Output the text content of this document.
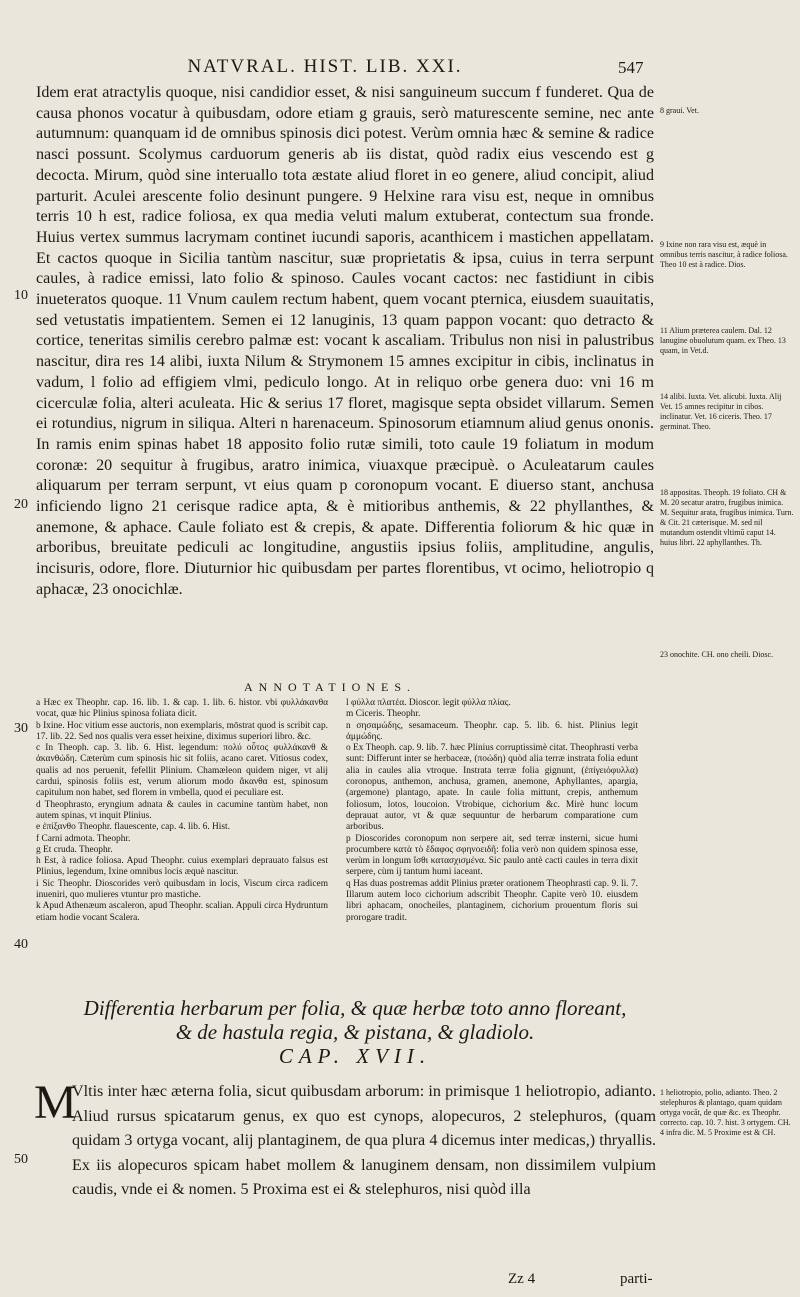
NATVRAL. HIST. LIB. XXI.	547

Idem erat atractylis quoque, nisi candidior esset, & nisi sanguineum succum f funderet. Qua de causa phonos vocatur à quibusdam, odore etiam g grauis, serò maturescente semine, nec ante autumnum: quanquam id de omnibus spinosis dici potest. Verùm omnia hæc & semine & radice nasci possunt. Scolymus carduorum generis ab iis distat, quòd radix eius vescendo est g decocta. Mirum, quòd sine interuallo tota æstate aliud floret in eo genere, aliud concipit, aliud parturit. Aculei arescente folio desinunt pungere. 9 Helxine rara visu est, neque in omnibus terris 10 h est, radice foliosa, ex qua media veluti malum extuberat, contectum sua fronde. Huius vertex summus lacrymam continet iucundi saporis, acanthicem i mastichen appellatam. Et cactos quoque in Sicilia tantùm nascitur, suæ proprietatis & ipsa, cuius in terra serpunt caules, à radice emissi, lato folio & spinoso. Caules vocant cactos: nec fastidiunt in cibis inueteratos quoque. 11 Vnum caulem rectum habent, quem vocant pternica, eiusdem suauitatis, sed vetustatis impatientem. Semen ei 12 lanuginis, 13 quam pappon vocant: quo detracto & cortice, teneritas similis cerebro palmæ est: vocant k ascaliam. Tribulus non nisi in palustribus nascitur, dira res 14 alibi, iuxta Nilum & Strymonem 15 amnes excipitur in cibis, inclinatus in vadum, l folio ad effigiem vlmi, pediculo longo. At in reliquo orbe genera duo: vni 16 m cicerculæ folia, alteri aculeata. Hic & serius 17 floret, magisque septa obsidet villarum. Semen ei rotundius, nigrum in siliqua. Alteri n harenaceum. Spinosorum etiamnum aliud genus ononis. In ramis enim spinas habet 18 apposito folio rutæ simili, toto caule 19 foliatum in modum coronæ: 20 sequitur à frugibus, aratro inimica, viuaxque præcipuè. o Aculeatarum caules aliquarum per terram serpunt, vt eius quam p coronopum vocant. E diuerso stant, anchusa inficiendo ligno 21 cerisque radice apta, & è mitioribus anthemis, & 22 phyllanthes, & anemone, & aphace. Caule foliato est & crepis, & apate. Differentia foliorum & hic quæ in arboribus, breuitate pediculi ac longitudine, angustiis ipsius foliis, amplitudine, angulis, incisuris, odore, flore. Diuturnior hic quibusdam per partes florentibus, vt ocimo, heliotropio q aphacæ, 23 onocichlæ.

8 graui. Vet.
9 Ixine non rara visu est, æquè in omnibus terris nascitur, à radice foliosa. Theo 10 est à radice. Dios.
11 Alium præterea caulem. Dal. 12 lanugine obuolutum quam. ex Theo. 13 quam, in Vet.d.
14 alibi. Iuxta. Vet. alicubi. Iuxta. Alij Vet. 15 amnes recipitur in cibos. inclinatur. Vet. 16 ciceris. Theo. 17 germinat. Theo.
18 appositas. Theoph. 19 foliato. CH & M. 20 secatur aratro, frugibus inimica. M. Sequitur arata, frugibus inimica. Turn. & Cit. 21 cæterisque. M. sed nil mutandum ostendit vltimū caput 14. huius libri. 22 aphyllanthes. Th.
23 onochite. CH. ono cheili. Diosc.
10
20
30
40
50
ANNOTATIONES.

a Hæc ex Theophr. cap. 16. lib. 1. & cap. 1. lib. 6. histor. vbi φυλλάκανθα vocat, quæ hic Plinius spinosa foliata dicit.

b Ixine. Hoc vitium esse auctoris, non exemplaris, mōstrat quod is scribit cap. 17. lib. 22. Sed nos qualis vera esset heixine, diximus superiori libro. &c.

c In Theoph. cap. 3. lib. 6. Hist. legendum: πολύ οὗτος φυλλάκανθ & ἀκανθώδη. Cæterùm cum spinosis hic sit foliis, acano caret. Vitiosus codex, qualis ad nos peruenit, fefellit Plinium. Chamæleon quidem niger, vt alij cardui, spinosis foliis est, verum aliorum modo ἄκανθα est, spinosum capitulum non habet, sed florem in vmbella, quod ei peculiare est.

d Theophrasto, eryngium adnata & caules in cacumine tantùm habet, non autem spinas, vt inquit Plinius.

e ἐπίξανθο Theophr. flauescente, cap. 4. lib. 6. Hist.

f Carni admota. Theophr.

g Et cruda. Theophr.

h Est, à radice foliosa. Apud Theophr. cuius exemplari deprauato falsus est Plinius, legendum, Ixine omnibus locis æquè nascitur.

i Sic Theophr. Dioscorides verò quibusdam in locis, Viscum circa radicem inueniri, quo mulieres vtuntur pro mastiche.

k Apud Athenæum ascaleron, apud Theophr. scalian. Appuli circa Hydruntum etiam hodie vocant Scalera.

l φύλλα πλατέα. Dioscor. legit φύλλα πλίας.

m Ciceris. Theophr.

n σησαμώδης, sesamaceum. Theophr. cap. 5. lib. 6. hist. Plinius legit ἀμμώδης.

o Ex Theoph. cap. 9. lib. 7. hæc Plinius corruptissimè citat. Theophrasti verba sunt: Differunt inter se herbaceæ, (ποώδη) quòd alia terræ instrata folia edunt alia in caules alia vtroque. Instrata terræ folia gignunt, (ἐπίγειόφυλλα) coronopus, anthemon, anchusa, gramen, anemone, Aphyllantes, apargia, (argemone) plantago, apate. In caule folia mittunt, crepis, anthemum foliosum, lotos, loucoion. Vtrobique, cichorium &c. Mirè hunc locum deprauat autor, vt & quæ sequuntur de herbarum comparatione cum arboribus.

p Dioscorides coronopum non serpere ait, sed terræ insterni, sicue humi procumbere κατὰ τὸ ἔδαφος σφηνοειδῆ: folia verò non quidem spinosa esse, verùm in longum ἴσθι κατασχισμένα. Sic paulo antè cacti caules in terra dixit serpere, cùm ij tantum humi iaceant.

q Has duas postremas addit Plinius præter orationem Theophrasti cap. 9. li. 7. Illarum autem loco cichorium adscribit Theophr. Capite verò 10. eiusdem libri aphacam, onocheiles, plantaginem, cichorium prouentum floris sui prorogare tradit.

Differentia herbarum per folia, & quæ herbæ toto anno floreant,

& de hastula regia, & pistana, & gladiolo.

CAP. XVII.
M

Vltis inter hæc æterna folia, sicut quibusdam arborum: in primisque 1 heliotropio, adianto. Aliud rursus spicatarum genus, ex quo est cynops, alopecuros, 2 stelephuros, (quam quidam 3 ortyga vocant, alij plantaginem, de qua plura 4 dicemus inter medicas,) thryallis. Ex iis alopecuros spicam habet mollem & lanuginem densam, non dissimilem vulpium caudis, vnde ei & nomen. 5 Proxima est ei & stelephuros, nisi quòd illa

1 heliotropio, polio, adianto. Theo. 2 stelephuros & plantago, quam quidam ortyga vocāt, de quæ &c. ex Theophr. correcto. cap. 10. 7. hist. 3 ortygem. CH. 4 infra dic. M. 5 Proxime est & CH.
Zz 4	parti-
